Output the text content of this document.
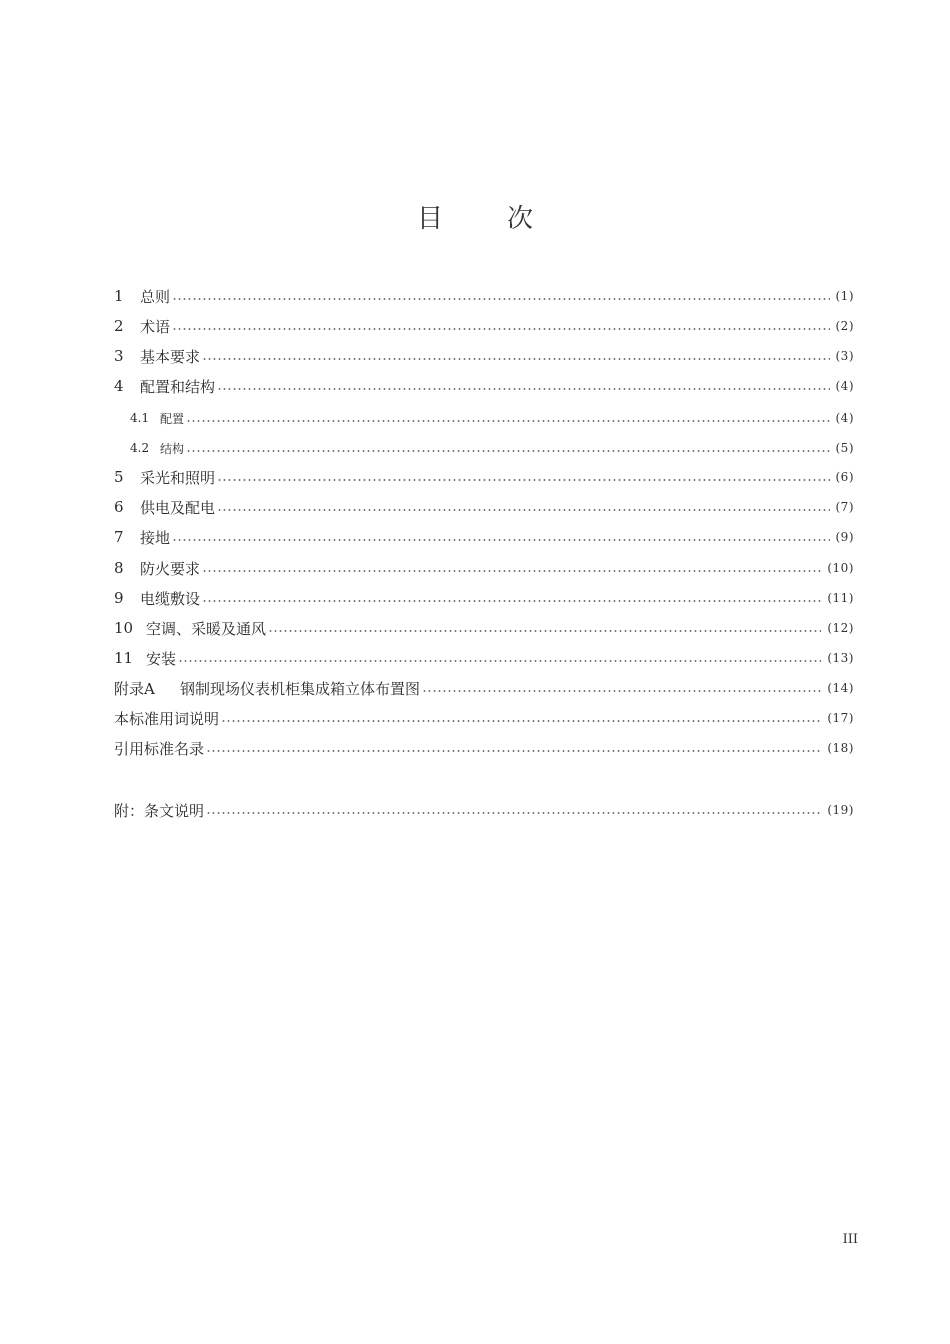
目 次
1	总则	(1)
2	术语	(2)
3	基本要求	(3)
4	配置和结构	(4)
4.1 配置	(4)
4.2 结构	(5)
5	采光和照明	(6)
6	供电及配电	(7)
7	接地	(9)
8	防火要求	(10)
9	电缆敷设	(11)
10 空调、采暖及通风	(12)
11 安装	(13)
附录A	钢制现场仪表机柜集成箱立体布置图	(14)
本标准用词说明	(17)
引用标准名录	(18)
附：条文说明	(19)
III
